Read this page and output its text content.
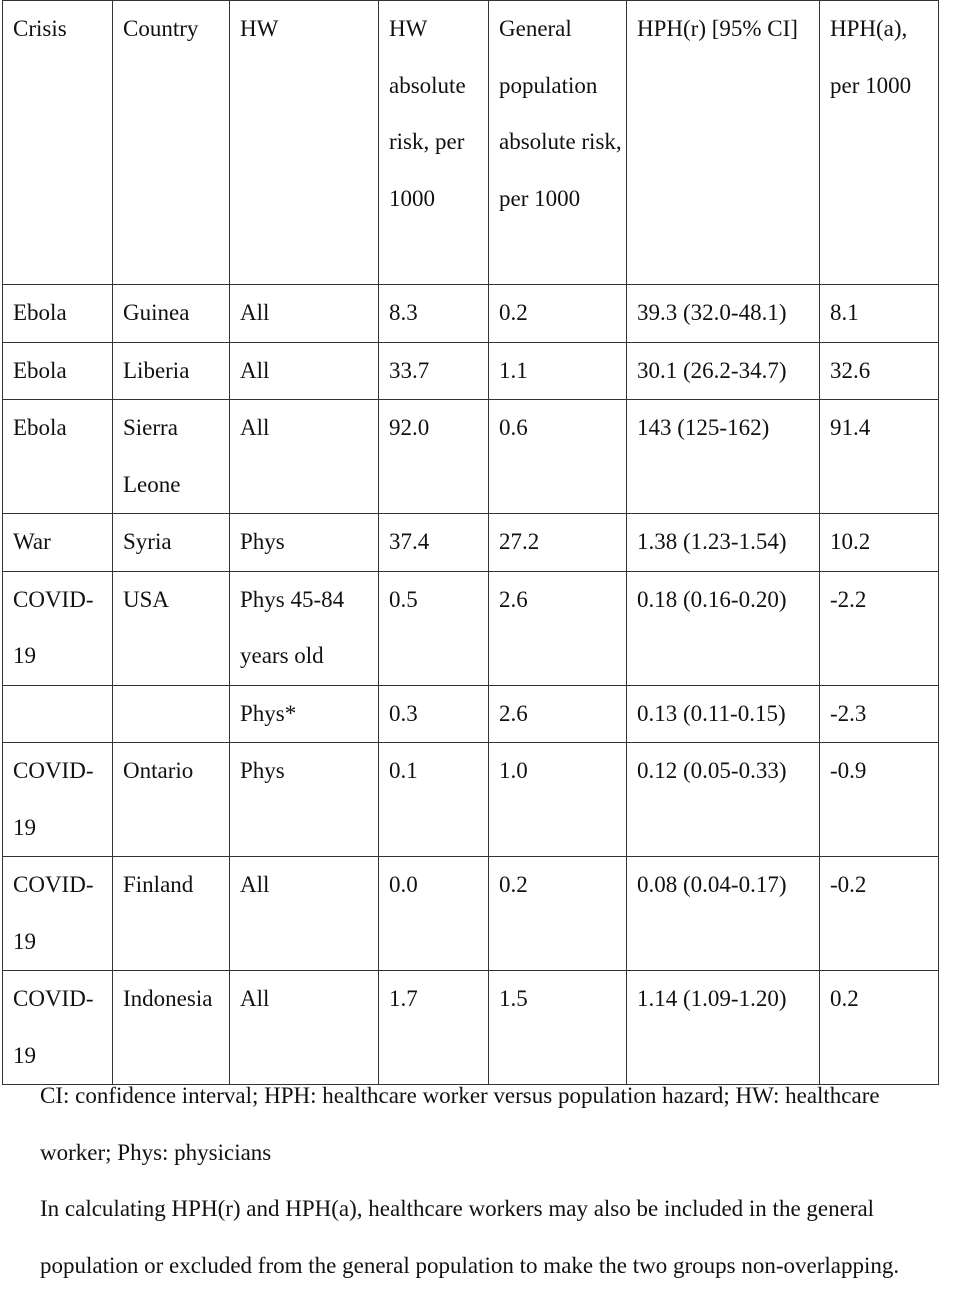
Crisis	Country	HW	HW absolute risk, per 1000	General population absolute risk, per 1000	HPH(r) [95% CI]	HPH(a), per 1000
Ebola	Guinea	All	8.3	0.2	39.3 (32.0-48.1)	8.1
Ebola	Liberia	All	33.7	1.1	30.1 (26.2-34.7)	32.6
Ebola	Sierra Leone	All	92.0	0.6	143 (125-162)	91.4
War	Syria	Phys	37.4	27.2	1.38 (1.23-1.54)	10.2
COVID-19	USA	Phys 45-84 years old	0.5	2.6	0.18 (0.16-0.20)	-2.2
		Phys*	0.3	2.6	0.13 (0.11-0.15)	-2.3
COVID-19	Ontario	Phys	0.1	1.0	0.12 (0.05-0.33)	-0.9
COVID-19	Finland	All	0.0	0.2	0.08 (0.04-0.17)	-0.2
COVID-19	Indonesia	All	1.7	1.5	1.14 (1.09-1.20)	0.2

CI: confidence interval; HPH: healthcare worker versus population hazard; HW: healthcare worker; Phys: physicians

In calculating HPH(r) and HPH(a), healthcare workers may also be included in the general population or excluded from the general population to make the two groups non-overlapping.
